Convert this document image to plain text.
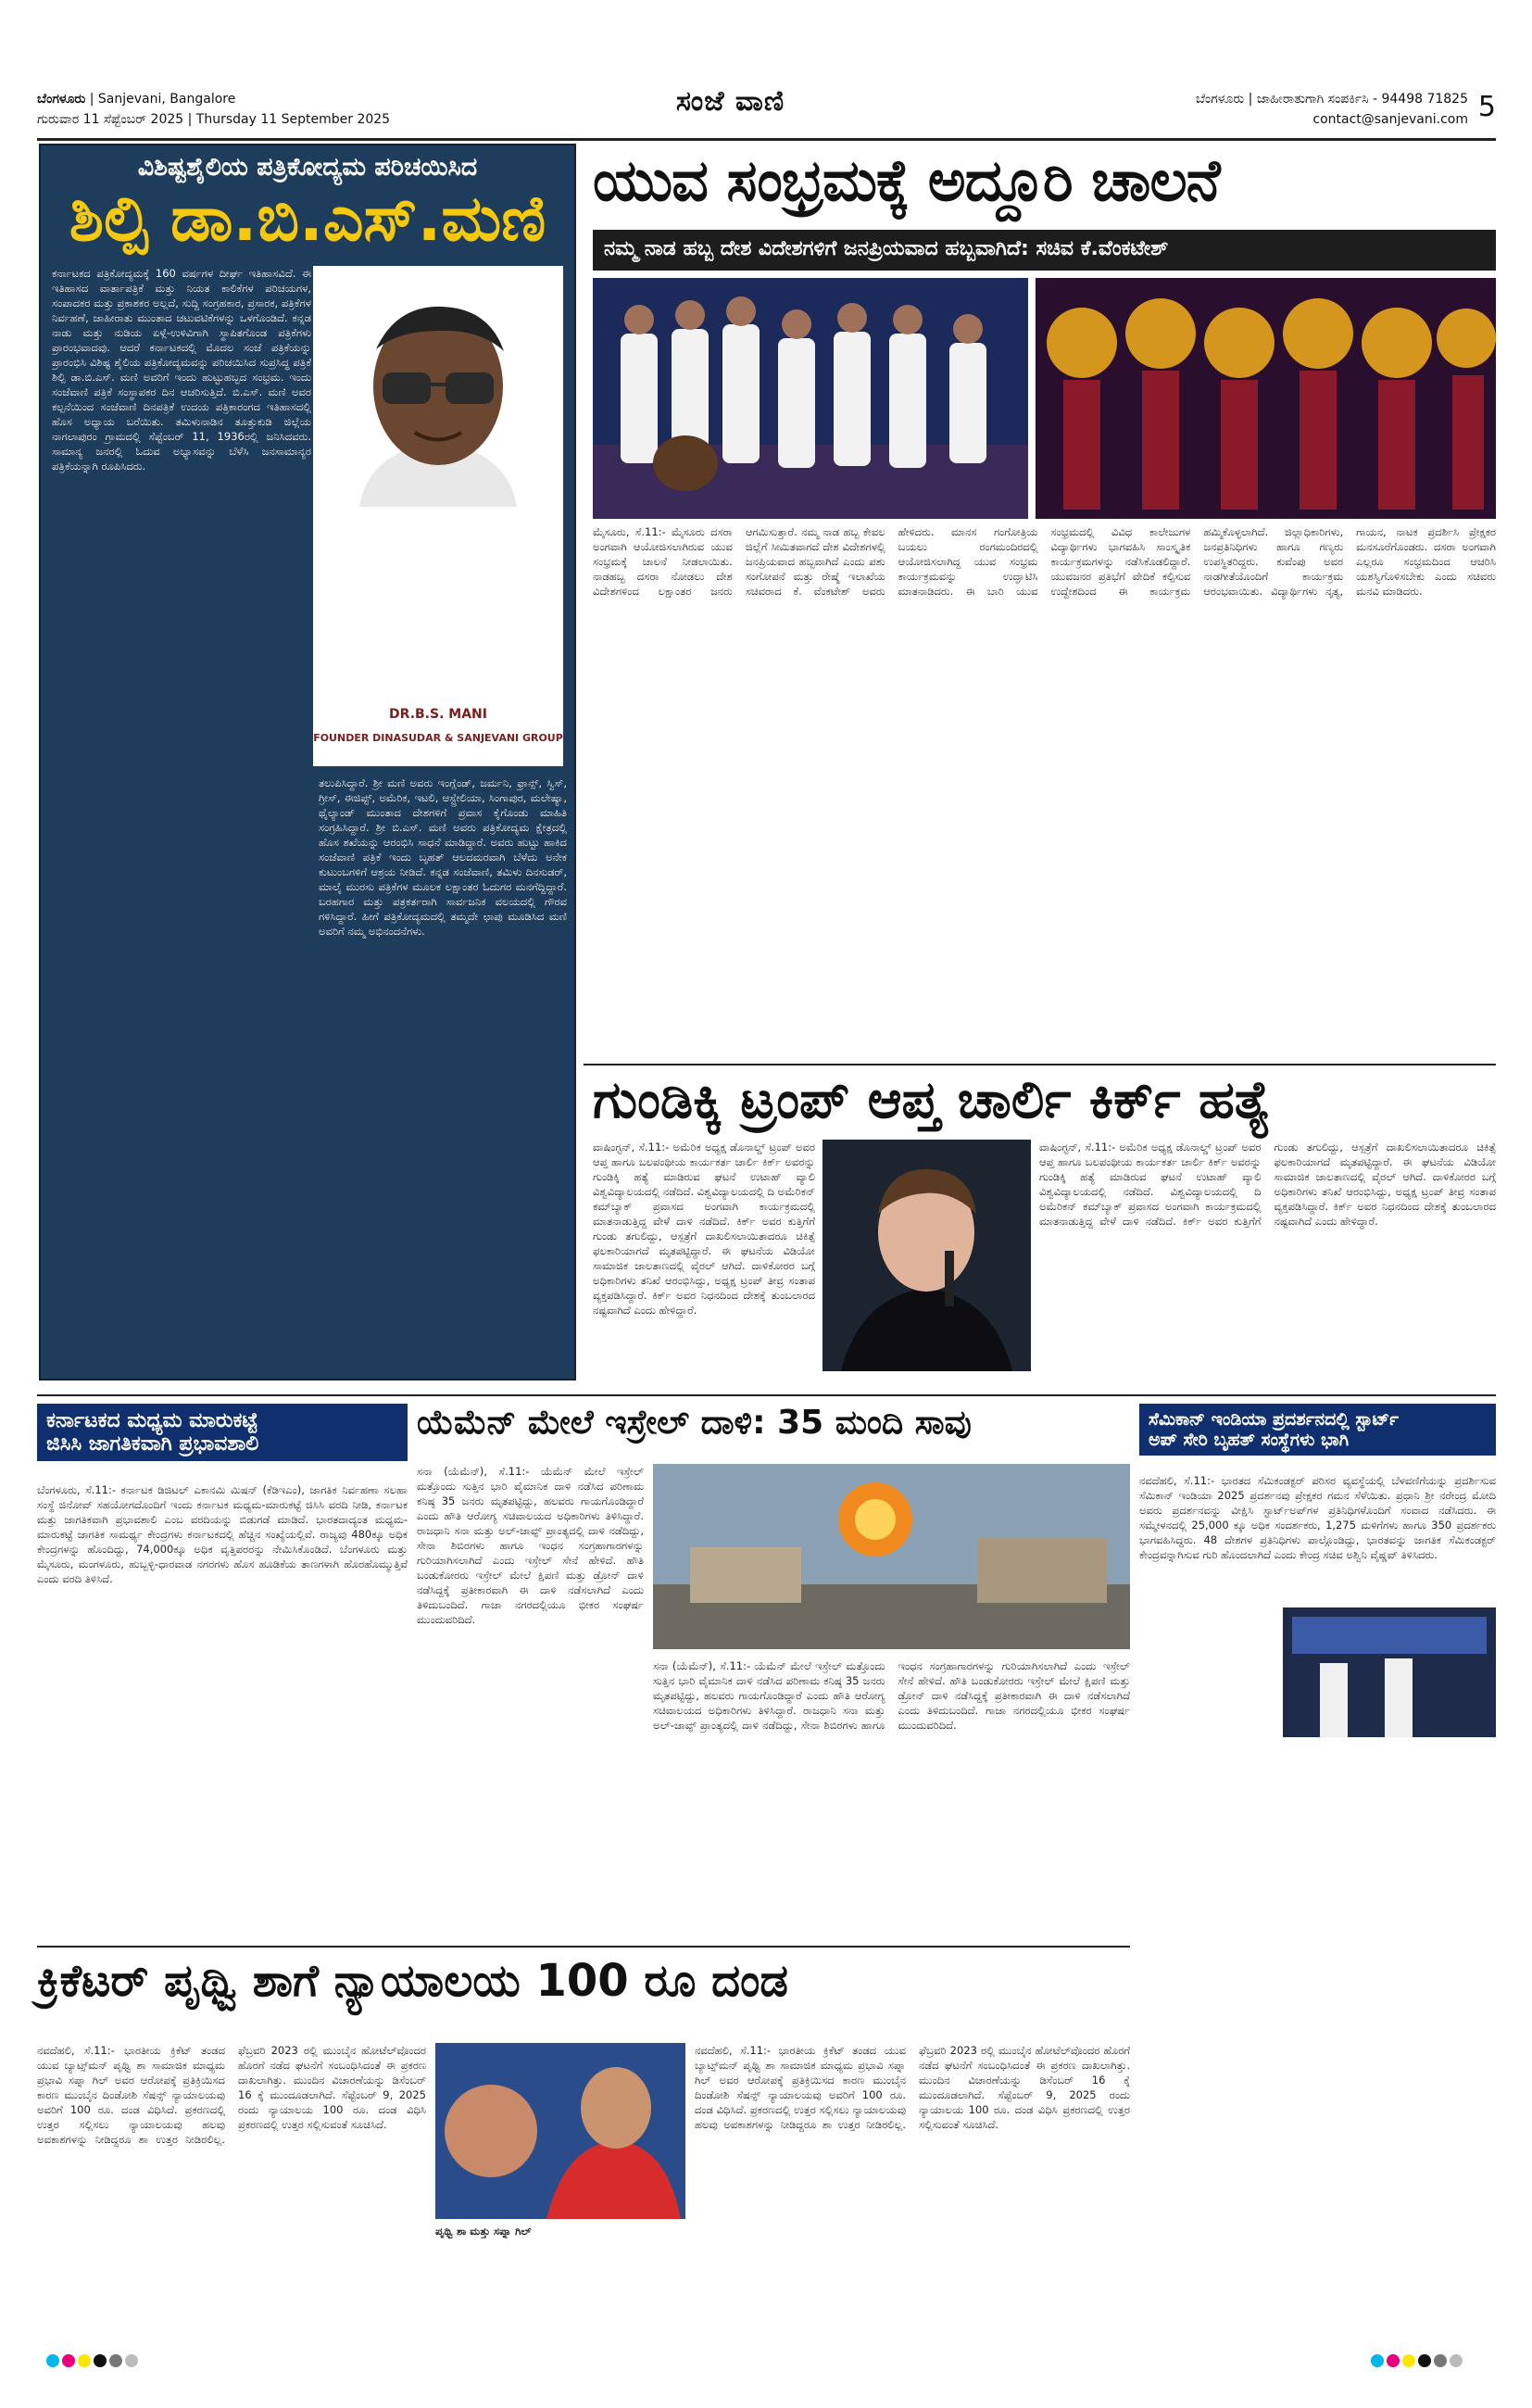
ಬೆಂಗಳೂರು | Sanjevani, Bangalore
ಗುರುವಾರ 11 ಸೆಪ್ಟೆಂಬರ್ 2025 | Thursday 11 September 2025
ಸಂಜೆ ವಾಣಿ	ಬೆಂಗಳೂರು | ಜಾಹೀರಾತುಗಾಗಿ ಸಂಪರ್ಕಿಸಿ - 94498 71825
contact@sanjevani.com 5
ವಿಶಿಷ್ಟಶೈಲಿಯ ಪತ್ರಿಕೋದ್ಯಮ ಪರಿಚಯಿಸಿದ
ಶಿಲ್ಪಿ ಡಾ.ಬಿ.ಎಸ್.ಮಣಿ
DR.B.S. MANI
FOUNDER DINASUDAR & SANJEVANI GROUP
ಕರ್ನಾಟಕದ ಪತ್ರಿಕೋದ್ಯಮಕ್ಕೆ 160 ವರ್ಷಗಳ ದೀರ್ಘ ಇತಿಹಾಸವಿದೆ. ಈ ಇತಿಹಾಸದ ವಾರ್ತಾಪತ್ರಿಕೆ ಮತ್ತು ನಿಯತ ಕಾಲಿಕೆಗಳ ಪರಿಚಯಗಳ, ಸಂಪಾದಕರ ಮತ್ತು ಪ್ರಕಾಶಕರ ಅಲ್ಲದೆ, ಸುದ್ದಿ ಸಂಗ್ರಹಕಾರ, ಪ್ರಸಾರಕ, ಪತ್ರಿಕೆಗಳ ನಿರ್ವಹಣೆ, ಜಾಹೀರಾತು ಮುಂತಾದ ಚಟುವಟಿಕೆಗಳನ್ನು ಒಳಗೊಂಡಿದೆ. ಕನ್ನಡ ನಾಡು ಮತ್ತು ನುಡಿಯ ಏಳ್ಗೆ-ಉಳಿವಿಗಾಗಿ ಸ್ಥಾಪಿತಗೊಂಡ ಪತ್ರಿಕೆಗಳು ಪ್ರಾರಂಭವಾದವು. ಆದರೆ ಕರ್ನಾಟಕದಲ್ಲಿ ಮೊದಲ ಸಂಜೆ ಪತ್ರಿಕೆಯನ್ನು ಪ್ರಾರಂಭಿಸಿ ವಿಶಿಷ್ಟ ಶೈಲಿಯ ಪತ್ರಿಕೋದ್ಯಮವನ್ನು ಪರಿಚಯಿಸಿದ ಸುಪ್ರಸಿದ್ಧ ಪತ್ರಿಕೆ ಶಿಲ್ಪಿ ಡಾ.ಬಿ.ಎಸ್. ಮಣಿ ಅವರಿಗೆ ಇಂದು ಹುಟ್ಟುಹಬ್ಬದ ಸಂಭ್ರಮ. ಇಂದು ಸಂಜೆವಾಣಿ ಪತ್ರಿಕೆ ಸಂಸ್ಥಾಪಕರ ದಿನ ಆಚರಿಸುತ್ತಿದೆ. ಬಿ.ಎಸ್. ಮಣಿ ಅವರ ಕಲ್ಪನೆಯಿಂದ ಸಂಜೆವಾಣಿ ದಿನಪತ್ರಿಕೆ ಉದಯ ಪತ್ರಿಕಾರಂಗದ ಇತಿಹಾಸದಲ್ಲಿ ಹೊಸ ಅಧ್ಯಾಯ ಬರೆಯಿತು. ತಮಿಳುನಾಡಿನ ತೂತ್ತುಕುಡಿ ಜಿಲ್ಲೆಯ ನಾಗಲಾಪುರಂ ಗ್ರಾಮದಲ್ಲಿ ಸೆಪ್ಟೆಂಬರ್ 11, 1936ರಲ್ಲಿ ಜನಿಸಿದವರು. ಸಾಮಾನ್ಯ ಜನರಲ್ಲಿ ಓದುವ ಅಭ್ಯಾಸವನ್ನು ಬೆಳೆಸಿ ಜನಸಾಮಾನ್ಯರ ಪತ್ರಿಕೆಯನ್ನಾಗಿ ರೂಪಿಸಿದರು.
ತಲುಪಿಸಿದ್ದಾರೆ. ಶ್ರೀ ಮಣಿ ಅವರು ಇಂಗ್ಲೆಂಡ್, ಜರ್ಮನಿ, ಫ್ರಾನ್ಸ್, ಸ್ವಿಸ್, ಗ್ರೀಸ್, ಈಜಿಪ್ಟ್, ಅಮೆರಿಕ, ಇಟಲಿ, ಆಸ್ಟ್ರೇಲಿಯಾ, ಸಿಂಗಾಪುರ, ಮಲೇಷ್ಯಾ, ಥೈಲ್ಯಾಂಡ್ ಮುಂತಾದ ದೇಶಗಳಿಗೆ ಪ್ರವಾಸ ಕೈಗೊಂಡು ಮಾಹಿತಿ ಸಂಗ್ರಹಿಸಿದ್ದಾರೆ. ಶ್ರೀ ಬಿ.ಎಸ್. ಮಣಿ ಅವರು ಪತ್ರಿಕೋದ್ಯಮ ಕ್ಷೇತ್ರದಲ್ಲಿ ಹೊಸ ಶಖೆಯನ್ನು ಆರಂಭಿಸಿ ಸಾಧನೆ ಮಾಡಿದ್ದಾರೆ. ಅವರು ಹುಟ್ಟು ಹಾಕಿದ ಸಂಜೆವಾಣಿ ಪತ್ರಿಕೆ ಇಂದು ಬೃಹತ್ ಆಲದಮರವಾಗಿ ಬೆಳೆದು ಅನೇಕ ಕುಟುಂಬಗಳಿಗೆ ಆಶ್ರಯ ನೀಡಿದೆ. ಕನ್ನಡ ಸಂಜೆವಾಣಿ, ತಮಿಳು ದಿನಸುಡರ್, ಮಾಲೈ ಮುರಸು ಪತ್ರಿಕೆಗಳ ಮೂಲಕ ಲಕ್ಷಾಂತರ ಓದುಗರ ಮನಗೆದ್ದಿದ್ದಾರೆ. ಬರಹಗಾರ ಮತ್ತು ಪತ್ರಕರ್ತರಾಗಿ ಸಾರ್ವಜನಿಕ ವಲಯದಲ್ಲಿ ಗೌರವ ಗಳಿಸಿದ್ದಾರೆ. ಹೀಗೆ ಪತ್ರಿಕೋದ್ಯಮದಲ್ಲಿ ತಮ್ಮದೇ ಛಾಪು ಮೂಡಿಸಿದ ಮಣಿ ಅವರಿಗೆ ನಮ್ಮ ಅಭಿನಂದನೆಗಳು.
ಯುವ ಸಂಭ್ರಮಕ್ಕೆ ಅದ್ದೂರಿ ಚಾಲನೆ
ನಮ್ಮ ನಾಡ ಹಬ್ಬ ದೇಶ ವಿದೇಶಗಳಿಗೆ ಜನಪ್ರಿಯವಾದ ಹಬ್ಬವಾಗಿದೆ: ಸಚಿವ ಕೆ.ವೆಂಕಟೇಶ್
ಮೈಸೂರು, ಸೆ.11:- ಮೈಸೂರು ದಸರಾ ಅಂಗವಾಗಿ ಆಯೋಜಿಸಲಾಗಿರುವ ಯುವ ಸಂಭ್ರಮಕ್ಕೆ ಚಾಲನೆ ನೀಡಲಾಯಿತು. ನಾಡಹಬ್ಬ ದಸರಾ ನೋಡಲು ದೇಶ ವಿದೇಶಗಳಿಂದ ಲಕ್ಷಾಂತರ ಜನರು ಆಗಮಿಸುತ್ತಾರೆ. ನಮ್ಮ ನಾಡ ಹಬ್ಬ ಕೇವಲ ಜಿಲ್ಲೆಗೆ ಸೀಮಿತವಾಗದೆ ದೇಶ ವಿದೇಶಗಳಲ್ಲಿ ಜನಪ್ರಿಯವಾದ ಹಬ್ಬವಾಗಿದೆ ಎಂದು ಪಶು ಸಂಗೋಪನೆ ಮತ್ತು ರೇಷ್ಮೆ ಇಲಾಖೆಯ ಸಚಿವರಾದ ಕೆ. ವೆಂಕಟೇಶ್ ಅವರು ಹೇಳಿದರು. ಮಾನಸ ಗಂಗೋತ್ರಿಯ ಬಯಲು ರಂಗಮಂದಿರದಲ್ಲಿ ಆಯೋಜಿಸಲಾಗಿದ್ದ ಯುವ ಸಂಭ್ರಮ ಕಾರ್ಯಕ್ರಮವನ್ನು ಉದ್ಘಾಟಿಸಿ ಮಾತನಾಡಿದರು. ಈ ಬಾರಿ ಯುವ ಸಂಭ್ರಮದಲ್ಲಿ ವಿವಿಧ ಕಾಲೇಜುಗಳ ವಿದ್ಯಾರ್ಥಿಗಳು ಭಾಗವಹಿಸಿ ಸಾಂಸ್ಕೃತಿಕ ಕಾರ್ಯಕ್ರಮಗಳನ್ನು ನಡೆಸಿಕೊಡಲಿದ್ದಾರೆ. ಯುವಜನರ ಪ್ರತಿಭೆಗೆ ವೇದಿಕೆ ಕಲ್ಪಿಸುವ ಉದ್ದೇಶದಿಂದ ಈ ಕಾರ್ಯಕ್ರಮ ಹಮ್ಮಿಕೊಳ್ಳಲಾಗಿದೆ. ಜಿಲ್ಲಾಧಿಕಾರಿಗಳು, ಜನಪ್ರತಿನಿಧಿಗಳು ಹಾಗೂ ಗಣ್ಯರು ಉಪಸ್ಥಿತರಿದ್ದರು. ಕುವೆಂಪು ಅವರ ನಾಡಗೀತೆಯೊಂದಿಗೆ ಕಾರ್ಯಕ್ರಮ ಆರಂಭವಾಯಿತು. ವಿದ್ಯಾರ್ಥಿಗಳು ನೃತ್ಯ, ಗಾಯನ, ನಾಟಕ ಪ್ರದರ್ಶಿಸಿ ಪ್ರೇಕ್ಷಕರ ಮನಸೂರೆಗೊಂಡರು. ದಸರಾ ಅಂಗವಾಗಿ ಎಲ್ಲರೂ ಸಂಭ್ರಮದಿಂದ ಆಚರಿಸಿ ಯಶಸ್ವಿಗೊಳಿಸಬೇಕು ಎಂದು ಸಚಿವರು ಮನವಿ ಮಾಡಿದರು.
ಗುಂಡಿಕ್ಕಿ ಟ್ರಂಪ್ ಆಪ್ತ ಚಾರ್ಲಿ ಕಿರ್ಕ್ ಹತ್ಯೆ
ವಾಷಿಂಗ್ಟನ್, ಸೆ.11:- ಅಮೆರಿಕ ಅಧ್ಯಕ್ಷ ಡೊನಾಲ್ಡ್ ಟ್ರಂಪ್ ಅವರ ಆಪ್ತ ಹಾಗೂ ಬಲಪಂಥೀಯ ಕಾರ್ಯಕರ್ತ ಚಾರ್ಲಿ ಕಿರ್ಕ್ ಅವರನ್ನು ಗುಂಡಿಕ್ಕಿ ಹತ್ಯೆ ಮಾಡಿರುವ ಘಟನೆ ಉಟಾಹ್ ವ್ಯಾಲಿ ವಿಶ್ವವಿದ್ಯಾಲಯದಲ್ಲಿ ನಡೆದಿದೆ. ವಿಶ್ವವಿದ್ಯಾಲಯದಲ್ಲಿ ದಿ ಅಮೆರಿಕನ್ ಕಮ್‌ಬ್ಯಾಕ್ ಪ್ರವಾಸದ ಅಂಗವಾಗಿ ಕಾರ್ಯಕ್ರಮದಲ್ಲಿ ಮಾತನಾಡುತ್ತಿದ್ದ ವೇಳೆ ದಾಳಿ ನಡೆದಿದೆ. ಕಿರ್ಕ್ ಅವರ ಕುತ್ತಿಗೆಗೆ ಗುಂಡು ತಗುಲಿದ್ದು, ಆಸ್ಪತ್ರೆಗೆ ದಾಖಲಿಸಲಾಯಿತಾದರೂ ಚಿಕಿತ್ಸೆ ಫಲಕಾರಿಯಾಗದೆ ಮೃತಪಟ್ಟಿದ್ದಾರೆ. ಈ ಘಟನೆಯ ವಿಡಿಯೋ ಸಾಮಾಜಿಕ ಜಾಲತಾಣದಲ್ಲಿ ವೈರಲ್ ಆಗಿದೆ. ದಾಳಿಕೋರರ ಬಗ್ಗೆ ಅಧಿಕಾರಿಗಳು ತನಿಖೆ ಆರಂಭಿಸಿದ್ದು, ಅಧ್ಯಕ್ಷ ಟ್ರಂಪ್ ತೀವ್ರ ಸಂತಾಪ ವ್ಯಕ್ತಪಡಿಸಿದ್ದಾರೆ. ಕಿರ್ಕ್ ಅವರ ನಿಧನದಿಂದ ದೇಶಕ್ಕೆ ತುಂಬಲಾರದ ನಷ್ಟವಾಗಿದೆ ಎಂದು ಹೇಳಿದ್ದಾರೆ.
ವಾಷಿಂಗ್ಟನ್, ಸೆ.11:- ಅಮೆರಿಕ ಅಧ್ಯಕ್ಷ ಡೊನಾಲ್ಡ್ ಟ್ರಂಪ್ ಅವರ ಆಪ್ತ ಹಾಗೂ ಬಲಪಂಥೀಯ ಕಾರ್ಯಕರ್ತ ಚಾರ್ಲಿ ಕಿರ್ಕ್ ಅವರನ್ನು ಗುಂಡಿಕ್ಕಿ ಹತ್ಯೆ ಮಾಡಿರುವ ಘಟನೆ ಉಟಾಹ್ ವ್ಯಾಲಿ ವಿಶ್ವವಿದ್ಯಾಲಯದಲ್ಲಿ ನಡೆದಿದೆ. ವಿಶ್ವವಿದ್ಯಾಲಯದಲ್ಲಿ ದಿ ಅಮೆರಿಕನ್ ಕಮ್‌ಬ್ಯಾಕ್ ಪ್ರವಾಸದ ಅಂಗವಾಗಿ ಕಾರ್ಯಕ್ರಮದಲ್ಲಿ ಮಾತನಾಡುತ್ತಿದ್ದ ವೇಳೆ ದಾಳಿ ನಡೆದಿದೆ. ಕಿರ್ಕ್ ಅವರ ಕುತ್ತಿಗೆಗೆ ಗುಂಡು ತಗುಲಿದ್ದು, ಆಸ್ಪತ್ರೆಗೆ ದಾಖಲಿಸಲಾಯಿತಾದರೂ ಚಿಕಿತ್ಸೆ ಫಲಕಾರಿಯಾಗದೆ ಮೃತಪಟ್ಟಿದ್ದಾರೆ. ಈ ಘಟನೆಯ ವಿಡಿಯೋ ಸಾಮಾಜಿಕ ಜಾಲತಾಣದಲ್ಲಿ ವೈರಲ್ ಆಗಿದೆ. ದಾಳಿಕೋರರ ಬಗ್ಗೆ ಅಧಿಕಾರಿಗಳು ತನಿಖೆ ಆರಂಭಿಸಿದ್ದು, ಅಧ್ಯಕ್ಷ ಟ್ರಂಪ್ ತೀವ್ರ ಸಂತಾಪ ವ್ಯಕ್ತಪಡಿಸಿದ್ದಾರೆ. ಕಿರ್ಕ್ ಅವರ ನಿಧನದಿಂದ ದೇಶಕ್ಕೆ ತುಂಬಲಾರದ ನಷ್ಟವಾಗಿದೆ ಎಂದು ಹೇಳಿದ್ದಾರೆ.
ಕರ್ನಾಟಕದ ಮಧ್ಯಮ ಮಾರುಕಟ್ಟೆ
ಜಿಸಿಸಿ ಜಾಗತಿಕವಾಗಿ ಪ್ರಭಾವಶಾಲಿ
ಬೆಂಗಳೂರು, ಸೆ.11:- ಕರ್ನಾಟಕ ಡಿಜಿಟಲ್ ಎಕಾನಮಿ ಮಿಷನ್ (ಕೆಡಿಇಎಂ), ಜಾಗತಿಕ ನಿರ್ವಹಣಾ ಸಲಹಾ ಸಂಸ್ಥೆ ಜಿನೋವ್ ಸಹಯೋಗದೊಂದಿಗೆ ಇಂದು ಕರ್ನಾಟಕ ಮಧ್ಯಮ-ಮಾರುಕಟ್ಟೆ ಜಿಸಿಸಿ ವರದಿ ನೀಡಿ, ಕರ್ನಾಟಕ ಮತ್ತು ಜಾಗತಿಕವಾಗಿ ಪ್ರಭಾವಶಾಲಿ ಎಂಬ ವರದಿಯನ್ನು ಬಿಡುಗಡೆ ಮಾಡಿದೆ. ಭಾರತದಾದ್ಯಂತ ಮಧ್ಯಮ-ಮಾರುಕಟ್ಟೆ ಜಾಗತಿಕ ಸಾಮರ್ಥ್ಯ ಕೇಂದ್ರಗಳು ಕರ್ನಾಟಕದಲ್ಲಿ ಹೆಚ್ಚಿನ ಸಂಖ್ಯೆಯಲ್ಲಿವೆ. ರಾಜ್ಯವು 480ಕ್ಕೂ ಅಧಿಕ ಕೇಂದ್ರಗಳನ್ನು ಹೊಂದಿದ್ದು, 74,000ಕ್ಕೂ ಅಧಿಕ ವೃತ್ತಿಪರರನ್ನು ನೇಮಿಸಿಕೊಂಡಿದೆ. ಬೆಂಗಳೂರು ಮತ್ತು ಮೈಸೂರು, ಮಂಗಳೂರು, ಹುಬ್ಬಳ್ಳಿ-ಧಾರವಾಡ ನಗರಗಳು ಹೊಸ ಹೂಡಿಕೆಯ ತಾಣಗಳಾಗಿ ಹೊರಹೊಮ್ಮುತ್ತಿವೆ ಎಂದು ವರದಿ ತಿಳಿಸಿದೆ.
ಯೆಮೆನ್ ಮೇಲೆ ಇಸ್ರೇಲ್ ದಾಳಿ: 35 ಮಂದಿ ಸಾವು
ಸನಾ (ಯೆಮೆನ್), ಸೆ.11:- ಯೆಮೆನ್ ಮೇಲೆ ಇಸ್ರೇಲ್ ಮತ್ತೊಂದು ಸುತ್ತಿನ ಭಾರಿ ವೈಮಾನಿಕ ದಾಳಿ ನಡೆಸಿದ ಪರಿಣಾಮ ಕನಿಷ್ಠ 35 ಜನರು ಮೃತಪಟ್ಟಿದ್ದು, ಹಲವರು ಗಾಯಗೊಂಡಿದ್ದಾರೆ ಎಂದು ಹೌತಿ ಆರೋಗ್ಯ ಸಚಿವಾಲಯದ ಅಧಿಕಾರಿಗಳು ತಿಳಿಸಿದ್ದಾರೆ. ರಾಜಧಾನಿ ಸನಾ ಮತ್ತು ಅಲ್-ಜಾವ್ಫ್ ಪ್ರಾಂತ್ಯದಲ್ಲಿ ದಾಳಿ ನಡೆದಿದ್ದು, ಸೇನಾ ಶಿಬಿರಗಳು ಹಾಗೂ ಇಂಧನ ಸಂಗ್ರಹಾಗಾರಗಳನ್ನು ಗುರಿಯಾಗಿಸಲಾಗಿದೆ ಎಂದು ಇಸ್ರೇಲ್ ಸೇನೆ ಹೇಳಿದೆ. ಹೌತಿ ಬಂಡುಕೋರರು ಇಸ್ರೇಲ್ ಮೇಲೆ ಕ್ಷಿಪಣಿ ಮತ್ತು ಡ್ರೋನ್ ದಾಳಿ ನಡೆಸಿದ್ದಕ್ಕೆ ಪ್ರತೀಕಾರವಾಗಿ ಈ ದಾಳಿ ನಡೆಸಲಾಗಿದೆ ಎಂದು ತಿಳಿದುಬಂದಿದೆ. ಗಾಜಾ ನಗರದಲ್ಲಿಯೂ ಭೀಕರ ಸಂಘರ್ಷ ಮುಂದುವರಿದಿದೆ.
ಸನಾ (ಯೆಮೆನ್), ಸೆ.11:- ಯೆಮೆನ್ ಮೇಲೆ ಇಸ್ರೇಲ್ ಮತ್ತೊಂದು ಸುತ್ತಿನ ಭಾರಿ ವೈಮಾನಿಕ ದಾಳಿ ನಡೆಸಿದ ಪರಿಣಾಮ ಕನಿಷ್ಠ 35 ಜನರು ಮೃತಪಟ್ಟಿದ್ದು, ಹಲವರು ಗಾಯಗೊಂಡಿದ್ದಾರೆ ಎಂದು ಹೌತಿ ಆರೋಗ್ಯ ಸಚಿವಾಲಯದ ಅಧಿಕಾರಿಗಳು ತಿಳಿಸಿದ್ದಾರೆ. ರಾಜಧಾನಿ ಸನಾ ಮತ್ತು ಅಲ್-ಜಾವ್ಫ್ ಪ್ರಾಂತ್ಯದಲ್ಲಿ ದಾಳಿ ನಡೆದಿದ್ದು, ಸೇನಾ ಶಿಬಿರಗಳು ಹಾಗೂ ಇಂಧನ ಸಂಗ್ರಹಾಗಾರಗಳನ್ನು ಗುರಿಯಾಗಿಸಲಾಗಿದೆ ಎಂದು ಇಸ್ರೇಲ್ ಸೇನೆ ಹೇಳಿದೆ. ಹೌತಿ ಬಂಡುಕೋರರು ಇಸ್ರೇಲ್ ಮೇಲೆ ಕ್ಷಿಪಣಿ ಮತ್ತು ಡ್ರೋನ್ ದಾಳಿ ನಡೆಸಿದ್ದಕ್ಕೆ ಪ್ರತೀಕಾರವಾಗಿ ಈ ದಾಳಿ ನಡೆಸಲಾಗಿದೆ ಎಂದು ತಿಳಿದುಬಂದಿದೆ. ಗಾಜಾ ನಗರದಲ್ಲಿಯೂ ಭೀಕರ ಸಂಘರ್ಷ ಮುಂದುವರಿದಿದೆ.
ಸೆಮಿಕಾನ್ ಇಂಡಿಯಾ ಪ್ರದರ್ಶನದಲ್ಲಿ ಸ್ಟಾರ್ಟ್
ಅಪ್ ಸೇರಿ ಬೃಹತ್ ಸಂಸ್ಥೆಗಳು ಭಾಗಿ
ನವದೆಹಲಿ, ಸೆ.11:- ಭಾರತದ ಸೆಮಿಕಂಡಕ್ಟರ್ ಪರಿಸರ ವ್ಯವಸ್ಥೆಯಲ್ಲಿ ಬೆಳವಣಿಗೆಯನ್ನು ಪ್ರದರ್ಶಿಸುವ ಸೆಮಿಕಾನ್ ಇಂಡಿಯಾ 2025 ಪ್ರದರ್ಶನವು ಪ್ರೇಕ್ಷಕರ ಗಮನ ಸೆಳೆಯಿತು. ಪ್ರಧಾನಿ ಶ್ರೀ ನರೇಂದ್ರ ಮೋದಿ ಅವರು ಪ್ರದರ್ಶನವನ್ನು ವೀಕ್ಷಿಸಿ ಸ್ಟಾರ್ಟ್‌ಅಪ್‌ಗಳ ಪ್ರತಿನಿಧಿಗಳೊಂದಿಗೆ ಸಂವಾದ ನಡೆಸಿದರು. ಈ ಸಮ್ಮೇಳನದಲ್ಲಿ 25,000 ಕ್ಕೂ ಅಧಿಕ ಸಂದರ್ಶಕರು, 1,275 ಮಳಿಗೆಗಳು ಹಾಗೂ 350 ಪ್ರದರ್ಶಕರು ಭಾಗವಹಿಸಿದ್ದರು. 48 ದೇಶಗಳ ಪ್ರತಿನಿಧಿಗಳು ಪಾಲ್ಗೊಂಡಿದ್ದು, ಭಾರತವನ್ನು ಜಾಗತಿಕ ಸೆಮಿಕಂಡಕ್ಟರ್ ಕೇಂದ್ರವನ್ನಾಗಿಸುವ ಗುರಿ ಹೊಂದಲಾಗಿದೆ ಎಂದು ಕೇಂದ್ರ ಸಚಿವ ಅಶ್ವಿನಿ ವೈಷ್ಣವ್ ತಿಳಿಸಿದರು.
ಕ್ರಿಕೆಟರ್ ಪೃಥ್ವಿ ಶಾಗೆ ನ್ಯಾಯಾಲಯ 100 ರೂ ದಂಡ
ನವದೆಹಲಿ, ಸೆ.11:- ಭಾರತೀಯ ಕ್ರಿಕೆಟ್ ತಂಡದ ಯುವ ಬ್ಯಾಟ್ಸ್‌ಮನ್ ಪೃಥ್ವಿ ಶಾ ಸಾಮಾಜಿಕ ಮಾಧ್ಯಮ ಪ್ರಭಾವಿ ಸಪ್ನಾ ಗಿಲ್ ಅವರ ಆರೋಪಕ್ಕೆ ಪ್ರತಿಕ್ರಿಯಿಸದ ಕಾರಣ ಮುಂಬೈನ ದಿಂಡೋಶಿ ಸೆಷನ್ಸ್ ನ್ಯಾಯಾಲಯವು ಅವರಿಗೆ 100 ರೂ. ದಂಡ ವಿಧಿಸಿದೆ. ಪ್ರಕರಣದಲ್ಲಿ ಉತ್ತರ ಸಲ್ಲಿಸಲು ನ್ಯಾಯಾಲಯವು ಹಲವು ಅವಕಾಶಗಳನ್ನು ನೀಡಿದ್ದರೂ ಶಾ ಉತ್ತರ ನೀಡಿರಲಿಲ್ಲ. ಫೆಬ್ರವರಿ 2023 ರಲ್ಲಿ ಮುಂಬೈನ ಹೋಟೆಲ್‌ವೊಂದರ ಹೊರಗೆ ನಡೆದ ಘಟನೆಗೆ ಸಂಬಂಧಿಸಿದಂತೆ ಈ ಪ್ರಕರಣ ದಾಖಲಾಗಿತ್ತು. ಮುಂದಿನ ವಿಚಾರಣೆಯನ್ನು ಡಿಸೆಂಬರ್ 16 ಕ್ಕೆ ಮುಂದೂಡಲಾಗಿದೆ. ಸೆಪ್ಟೆಂಬರ್ 9, 2025 ರಂದು ನ್ಯಾಯಾಲಯ 100 ರೂ. ದಂಡ ವಿಧಿಸಿ ಪ್ರಕರಣದಲ್ಲಿ ಉತ್ತರ ಸಲ್ಲಿಸುವಂತೆ ಸೂಚಿಸಿದೆ.
ಪೃಥ್ವಿ ಶಾ ಮತ್ತು ಸಪ್ನಾ ಗಿಲ್
ನವದೆಹಲಿ, ಸೆ.11:- ಭಾರತೀಯ ಕ್ರಿಕೆಟ್ ತಂಡದ ಯುವ ಬ್ಯಾಟ್ಸ್‌ಮನ್ ಪೃಥ್ವಿ ಶಾ ಸಾಮಾಜಿಕ ಮಾಧ್ಯಮ ಪ್ರಭಾವಿ ಸಪ್ನಾ ಗಿಲ್ ಅವರ ಆರೋಪಕ್ಕೆ ಪ್ರತಿಕ್ರಿಯಿಸದ ಕಾರಣ ಮುಂಬೈನ ದಿಂಡೋಶಿ ಸೆಷನ್ಸ್ ನ್ಯಾಯಾಲಯವು ಅವರಿಗೆ 100 ರೂ. ದಂಡ ವಿಧಿಸಿದೆ. ಪ್ರಕರಣದಲ್ಲಿ ಉತ್ತರ ಸಲ್ಲಿಸಲು ನ್ಯಾಯಾಲಯವು ಹಲವು ಅವಕಾಶಗಳನ್ನು ನೀಡಿದ್ದರೂ ಶಾ ಉತ್ತರ ನೀಡಿರಲಿಲ್ಲ. ಫೆಬ್ರವರಿ 2023 ರಲ್ಲಿ ಮುಂಬೈನ ಹೋಟೆಲ್‌ವೊಂದರ ಹೊರಗೆ ನಡೆದ ಘಟನೆಗೆ ಸಂಬಂಧಿಸಿದಂತೆ ಈ ಪ್ರಕರಣ ದಾಖಲಾಗಿತ್ತು. ಮುಂದಿನ ವಿಚಾರಣೆಯನ್ನು ಡಿಸೆಂಬರ್ 16 ಕ್ಕೆ ಮುಂದೂಡಲಾಗಿದೆ. ಸೆಪ್ಟೆಂಬರ್ 9, 2025 ರಂದು ನ್ಯಾಯಾಲಯ 100 ರೂ. ದಂಡ ವಿಧಿಸಿ ಪ್ರಕರಣದಲ್ಲಿ ಉತ್ತರ ಸಲ್ಲಿಸುವಂತೆ ಸೂಚಿಸಿದೆ.
